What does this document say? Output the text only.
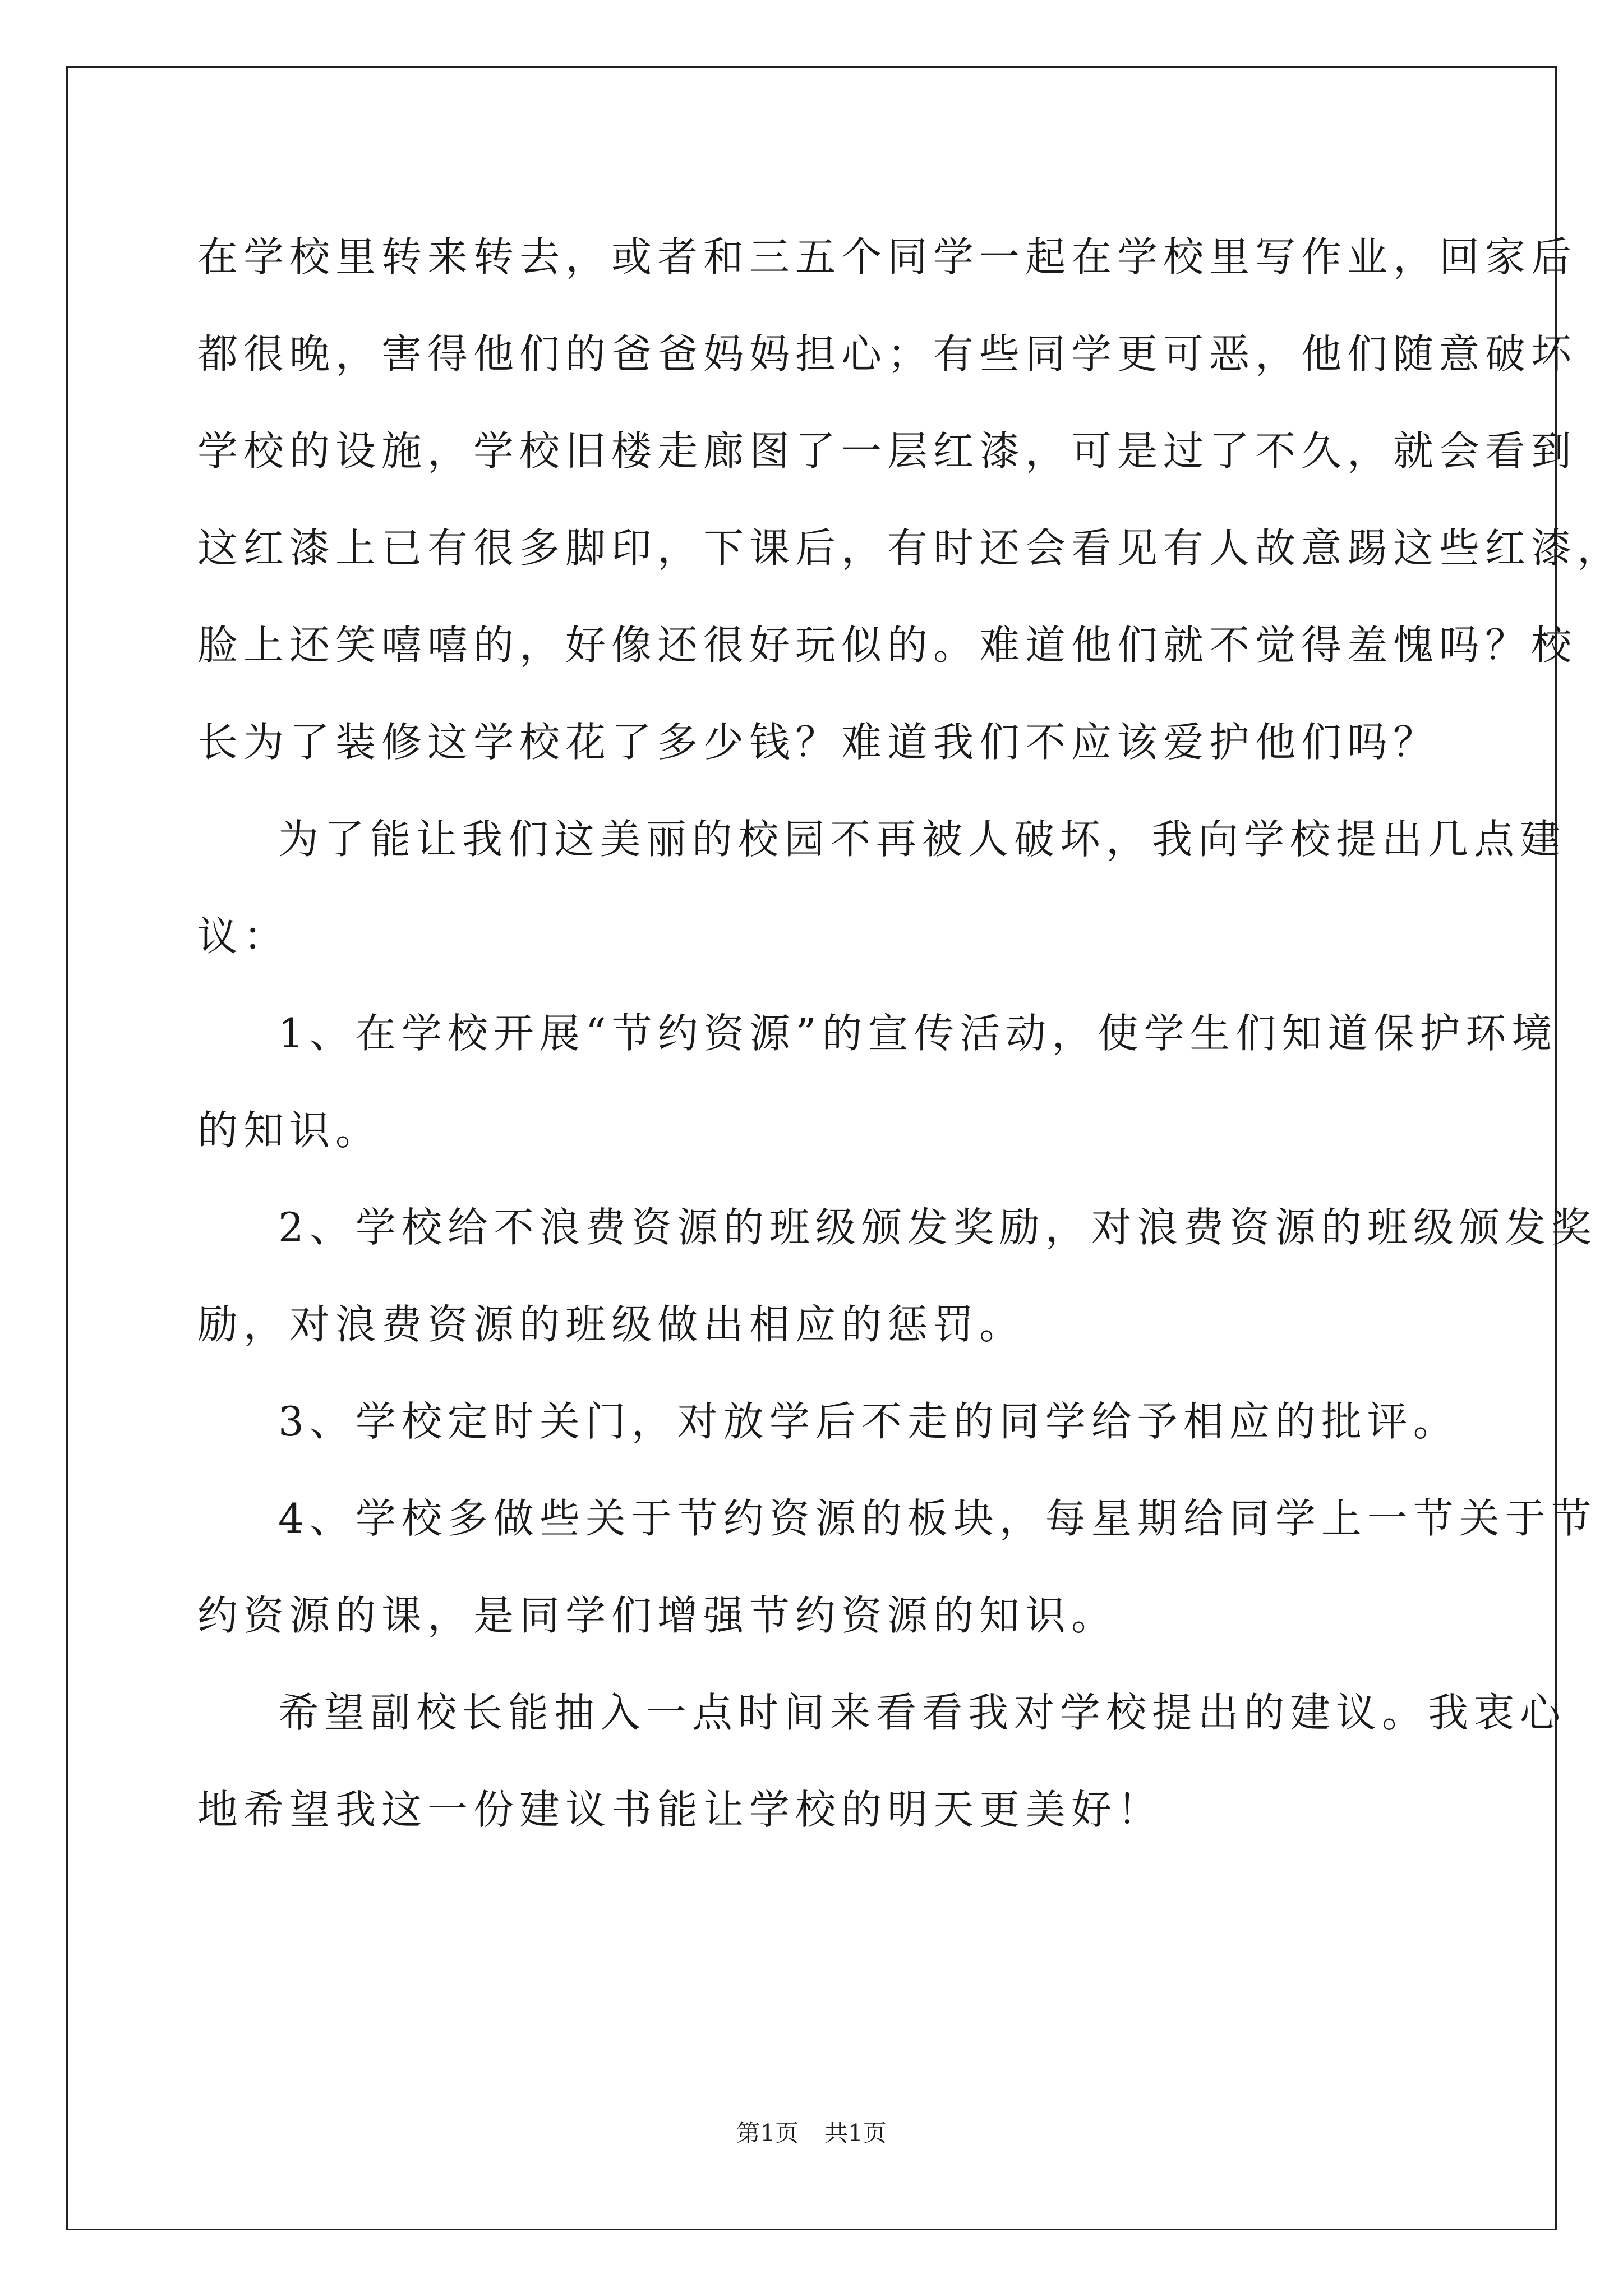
在学校里转来转去，或者和三五个同学一起在学校里写作业，回家后
都很晚，害得他们的爸爸妈妈担心；有些同学更可恶，他们随意破坏
学校的设施，学校旧楼走廊图了一层红漆，可是过了不久，就会看到
这红漆上已有很多脚印，下课后，有时还会看见有人故意踢这些红漆，
脸上还笑嘻嘻的，好像还很好玩似的。难道他们就不觉得羞愧吗？校
长为了装修这学校花了多少钱？难道我们不应该爱护他们吗？
为了能让我们这美丽的校园不再被人破坏，我向学校提出几点建
议：
1、在学校开展“节约资源”的宣传活动，使学生们知道保护环境
的知识。
2、学校给不浪费资源的班级颁发奖励，对浪费资源的班级颁发奖
励，对浪费资源的班级做出相应的惩罚。
3、学校定时关门，对放学后不走的同学给予相应的批评。
4、学校多做些关于节约资源的板块，每星期给同学上一节关于节
约资源的课，是同学们增强节约资源的知识。
希望副校长能抽入一点时间来看看我对学校提出的建议。我衷心
地希望我这一份建议书能让学校的明天更美好！
第1页 共1页
